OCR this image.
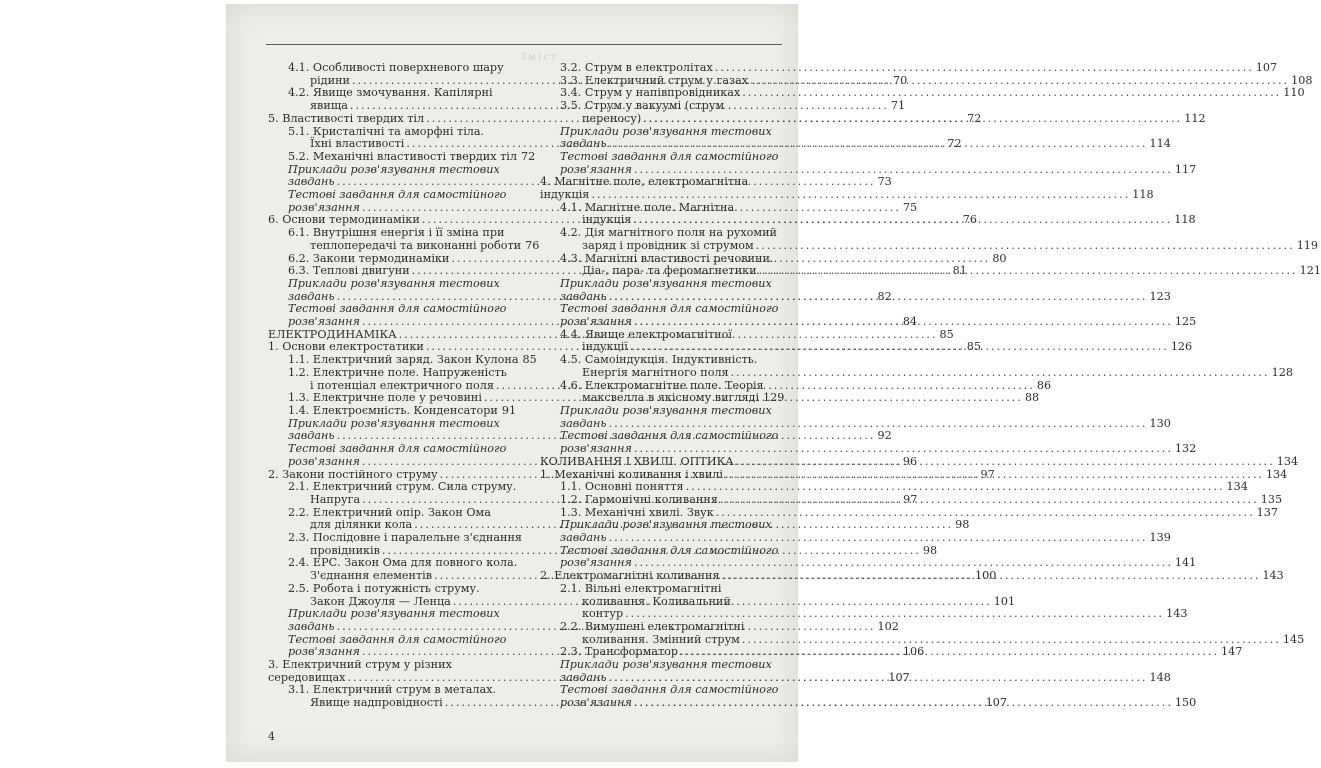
Зміст
4.1. Особливості поверхневого шару
рідини .....	70
4.2. Явище змочування. Капілярні
явища .....	71
5. Властивості твердих тіл .....	72
5.1. Кристалічні та аморфні тіла.
Їхні властивості .....	72
5.2. Механічні властивості твердих тіл 72
Приклади розв'язування тестових
завдань .....	73
Тестові завдання для самостійного
розв'язання .....	75
6. Основи термодинаміки .....	76
6.1. Внутрішня енергія і її зміна при
теплопередачі та виконанні роботи 76
6.2. Закони термодинаміки .....	80
6.3. Теплові двигуни .....	81
Приклади розв'язування тестових
завдань .....	82
Тестові завдання для самостійного
розв'язання .....	84
ЕЛЕКТРОДИНАМІКА .....	85
1. Основи електростатики .....	85
1.1. Електричний заряд. Закон Кулона 85
1.2. Електричне поле. Напруженість
і потенціал електричного поля .....	86
1.3. Електричне поле у речовині .....	88
1.4. Електроємність. Конденсатори 91
Приклади розв'язування тестових
завдань .....	92
Тестові завдання для самостійного
розв'язання .....	96
2. Закони постійного струму .....	97
2.1. Електричний струм. Сила струму.
Напруга .....	97
2.2. Електричний опір. Закон Ома
для ділянки кола .....	98
2.3. Послідовне і паралельне з'єднання
провідників .....	98
2.4. ЕРС. Закон Ома для повного кола.
З'єднання елементів .....	100
2.5. Робота і потужність струму.
Закон Джоуля — Ленца .....	101
Приклади розв'язування тестових
завдань .....	102
Тестові завдання для самостійного
розв'язання .....	106
3. Електричний струм у різних
середовищах .....	107
3.1. Електричний струм в металах.
Явище надпровідності .....	107
3.2. Струм в електролітах .....	107
3.3. Електричний струм у газах .....	108
3.4. Струм у напівпровідниках .....	110
3.5. Струм у вакуумі (струм
переносу) .....	112
Приклади розв'язування тестових
завдань .....	114
Тестові завдання для самостійного
розв'язання .....	117
4. Магнітне поле, електромагнітна
індукція .....	118
4.1. Магнітне поле. Магнітна
індукція .....	118
4.2. Дія магнітного поля на рухомий
заряд і провідник зі струмом .....	119
4.3. Магнітні властивості речовини.
Діа-, пара- та феромагнетики .....	121
Приклади розв'язування тестових
завдань .....	123
Тестові завдання для самостійного
розв'язання .....	125
4.4. Явище електромагнітної
індукції .....	126
4.5. Самоіндукція. Індуктивність.
Енергія магнітного поля .....	128
4.6. Електромагнітне поле. Теорія
максвелла в якісному вигляді 129
Приклади розв'язування тестових
завдань .....	130
Тестові завдання для самостійного
розв'язання .....	132
КОЛИВАННЯ І ХВИЛІ. ОПТИКА .....	134
1. Механічні коливання і хвилі .....	134
1.1. Основні поняття .....	134
1.2. Гармонічні коливання .....	135
1.3. Механічні хвилі. Звук .....	137
Приклади розв'язування тестових
завдань .....	139
Тестові завдання для самостійного
розв'язання .....	141
2. Електромагнітні коливання .....	143
2.1. Вільні електромагнітні
коливання. Коливальний
контур .....	143
2.2. Вимушені електромагнітні
коливання. Змінний струм .....	145
2.3. Трансформатор .....	147
Приклади розв'язування тестових
завдань .....	148
Тестові завдання для самостійного
розв'язання .....	150
4
